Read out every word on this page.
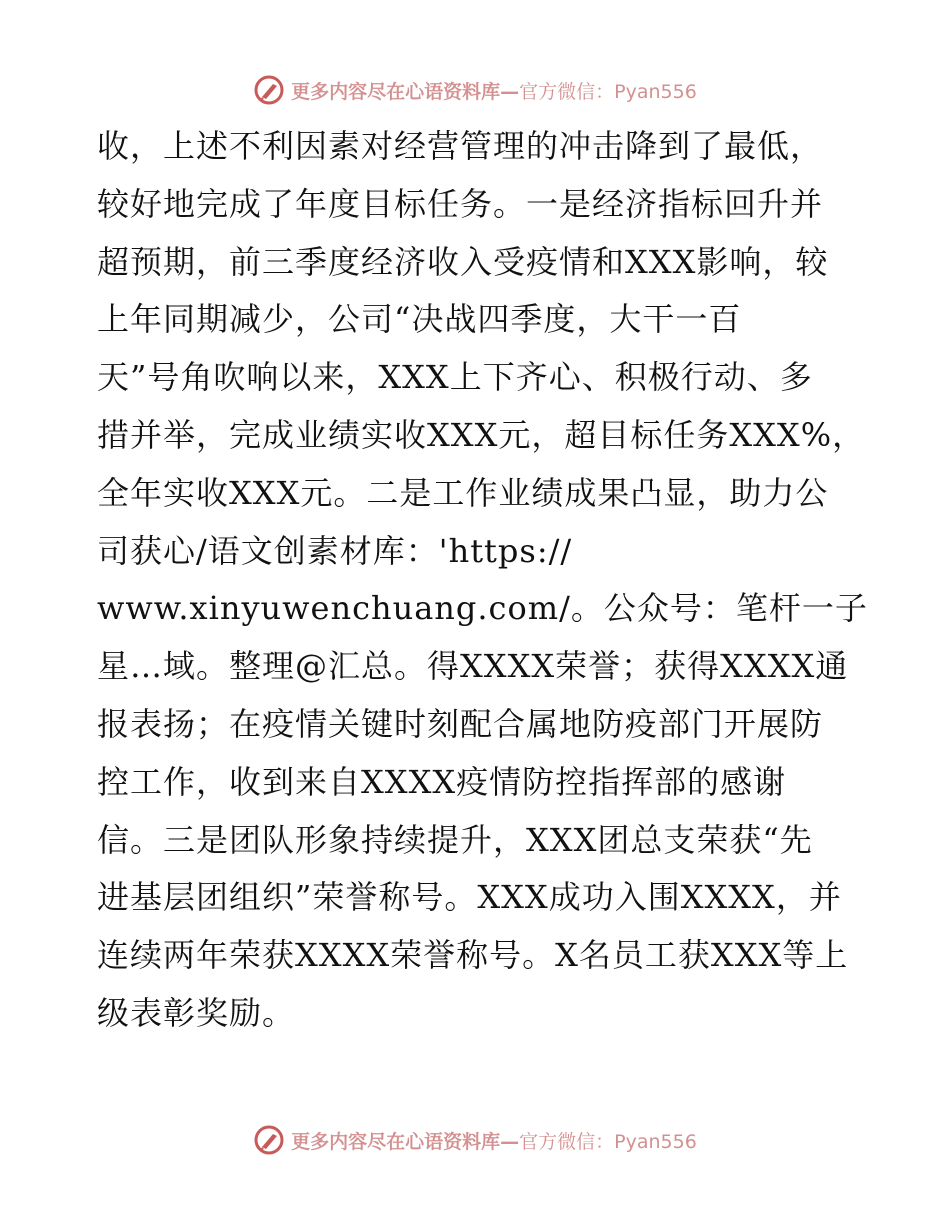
更多内容尽在心语资料库—官方微信：Pyan556
收，上述不利因素对经营管理的冲击降到了最低，
较好地完成了年度目标任务。一是经济指标回升并
超预期，前三季度经济收入受疫情和XXX影响，较
上年同期减少，公司“决战四季度，大干一百
天”号角吹响以来，XXX上下齐心、积极行动、多
措并举，完成业绩实收XXX元，超目标任务XXX%，
全年实收XXX元。二是工作业绩成果凸显，助力公
司获心/语文创素材库：'https://
www.xinyuwenchuang.com/。公众号：笔杆一子
星…域。整理@汇总。得XXXX荣誉；获得XXXX通
报表扬；在疫情关键时刻配合属地防疫部门开展防
控工作，收到来自XXXX疫情防控指挥部的感谢
信。三是团队形象持续提升，XXX团总支荣获“先
进基层团组织”荣誉称号。XXX成功入围XXXX，并
连续两年荣获XXXX荣誉称号。X名员工获XXX等上
级表彰奖励。
更多内容尽在心语资料库—官方微信：Pyan556
